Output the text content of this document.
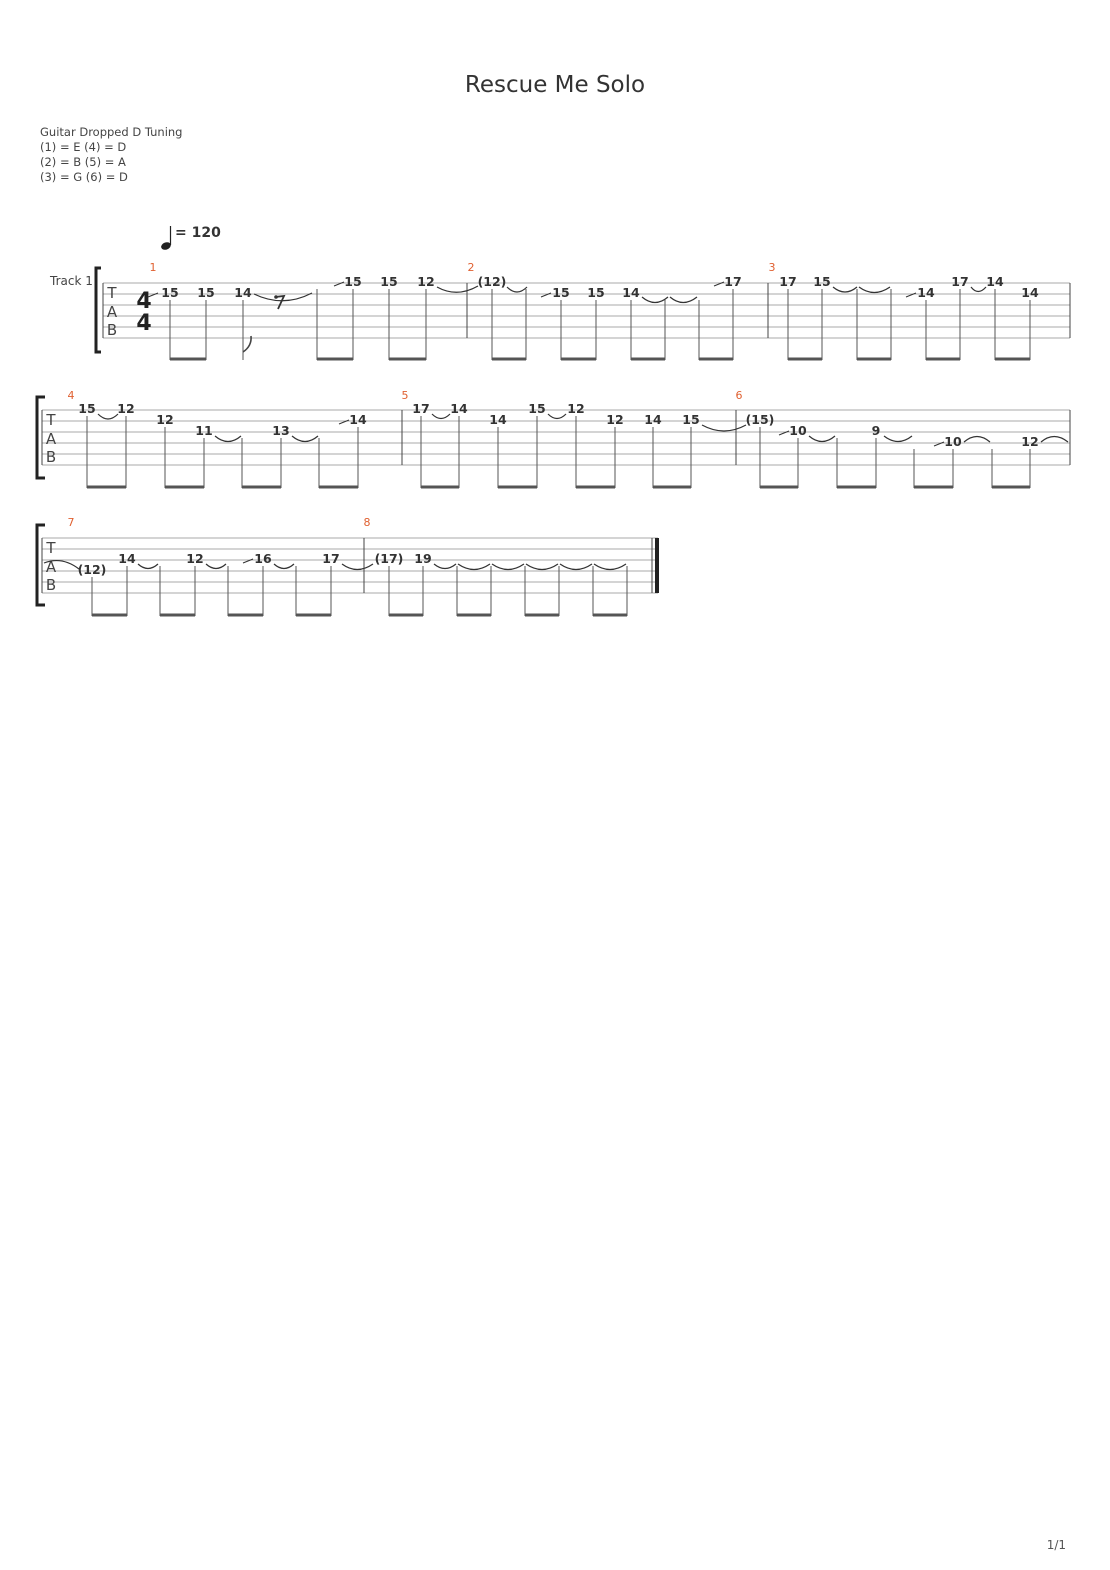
Rescue Me Solo
Guitar Dropped D Tuning
(1) = E (4) = D
(2) = B (5) = A
(3) = G (6) = D
= 120
Track 1
T
A
B
4
4
1	2	3
15 15 14
15 15 12	(12)
15 15 14
17	17 15
14
17 14
14
T
A
B
4	5	6
15 12
12
11	13
14
17 14
14
15 12
12 14 15	(15)
10	9
10	12
T
A
B
7	8
(12)
14	12	16	17	(17) 19
1/1
